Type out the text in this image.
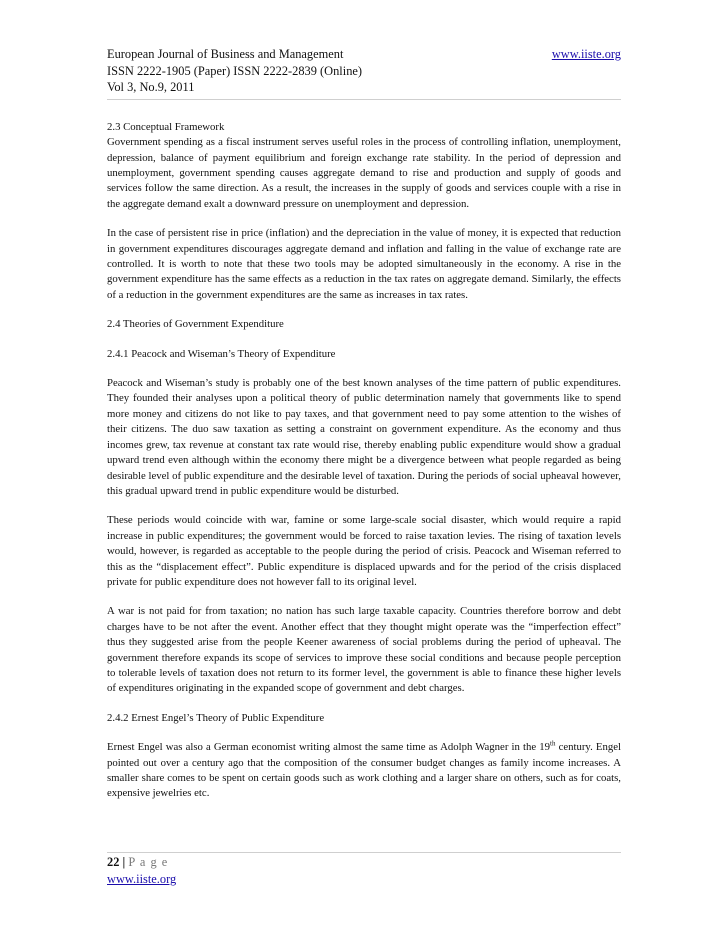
European Journal of Business and Management	www.iiste.org
ISSN 2222-1905 (Paper) ISSN 2222-2839 (Online)
Vol 3, No.9, 2011

2.3 Conceptual Framework

Government spending as a fiscal instrument serves useful roles in the process of controlling inflation, unemployment, depression, balance of payment equilibrium and foreign exchange rate stability. In the period of depression and unemployment, government spending causes aggregate demand to rise and production and supply of goods and services follow the same direction. As a result, the increases in the supply of goods and services couple with a rise in the aggregate demand exalt a downward pressure on unemployment and depression.

In the case of persistent rise in price (inflation) and the depreciation in the value of money, it is expected that reduction in government expenditures discourages aggregate demand and inflation and falling in the value of exchange rate are controlled. It is worth to note that these two tools may be adopted simultaneously in the economy. A rise in the government expenditure has the same effects as a reduction in the tax rates on aggregate demand. Similarly, the effects of a reduction in the government expenditures are the same as increases in tax rates.

2.4 Theories of Government Expenditure

2.4.1 Peacock and Wiseman’s Theory of Expenditure

Peacock and Wiseman’s study is probably one of the best known analyses of the time pattern of public expenditures. They founded their analyses upon a political theory of public determination namely that governments like to spend more money and citizens do not like to pay taxes, and that government need to pay some attention to the wishes of their citizens. The duo saw taxation as setting a constraint on government expenditure. As the economy and thus incomes grew, tax revenue at constant tax rate would rise, thereby enabling public expenditure would show a gradual upward trend even although within the economy there might be a divergence between what people regarded as being desirable level of public expenditure and the desirable level of taxation. During the periods of social upheaval however, this gradual upward trend in public expenditure would be disturbed.

These periods would coincide with war, famine or some large-scale social disaster, which would require a rapid increase in public expenditures; the government would be forced to raise taxation levies. The rising of taxation levels would, however, is regarded as acceptable to the people during the period of crisis. Peacock and Wiseman referred to this as the “displacement effect”. Public expenditure is displaced upwards and for the period of the crisis displaced private for public expenditure does not however fall to its original level.

A war is not paid for from taxation; no nation has such large taxable capacity. Countries therefore borrow and debt charges have to be not after the event. Another effect that they thought might operate was the “imperfection effect” thus they suggested arise from the people Keener awareness of social problems during the period of upheaval. The government therefore expands its scope of services to improve these social conditions and because people perception to tolerable levels of taxation does not return to its former level, the government is able to finance these higher levels of expenditures originating in the expanded scope of government and debt charges.

2.4.2 Ernest Engel’s Theory of Public Expenditure

Ernest Engel was also a German economist writing almost the same time as Adolph Wagner in the 19th century. Engel pointed out over a century ago that the composition of the consumer budget changes as family income increases. A smaller share comes to be spent on certain goods such as work clothing and a larger share on others, such as for coats, expensive jewelries etc.

22 | P a g e
www.iiste.org
